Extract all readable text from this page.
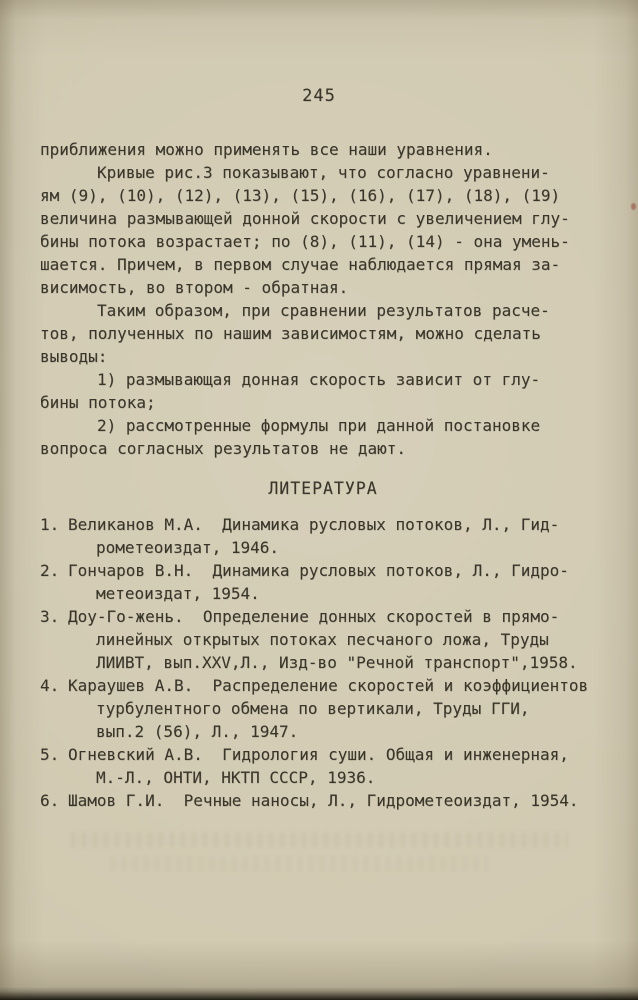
245
приближения можно применять все наши уравнения.
Кривые рис.3 показывают, что согласно уравнени-
ям (9), (10), (12), (13), (15), (16), (17), (18), (19)
величина размывающей донной скорости с увеличением глу-
бины потока возрастает; по (8), (11), (14) - она умень-
шается. Причем, в первом случае наблюдается прямая за-
висимость, во втором - обратная.
Таким образом, при сравнении результатов расче-
тов, полученных по нашим зависимостям, можно сделать
выводы:
1) размывающая донная скорость зависит от глу-
бины потока;
2) рассмотренные формулы при данной постановке
вопроса согласных результатов не дают.
ЛИТЕРАТУРА
1. Великанов М.А.  Динамика русловых потоков, Л., Гид-
рометеоиздат, 1946.
2. Гончаров В.Н.  Динамика русловых потоков, Л., Гидро-
метеоиздат, 1954.
3. Доу-Го-жень.  Определение донных скоростей в прямо-
линейных открытых потоках песчаного ложа, Труды
ЛИИВТ, вып.XXV,Л., Изд-во "Речной транспорт",1958.
4. Караушев А.В.  Распределение скоростей и коэффициентов
турбулентного обмена по вертикали, Труды ГГИ,
вып.2 (56), Л., 1947.
5. Огневский А.В.  Гидрология суши. Общая и инженерная,
М.-Л., ОНТИ, НКТП СССР, 1936.
6. Шамов Г.И.  Речные наносы, Л., Гидрометеоиздат, 1954.
